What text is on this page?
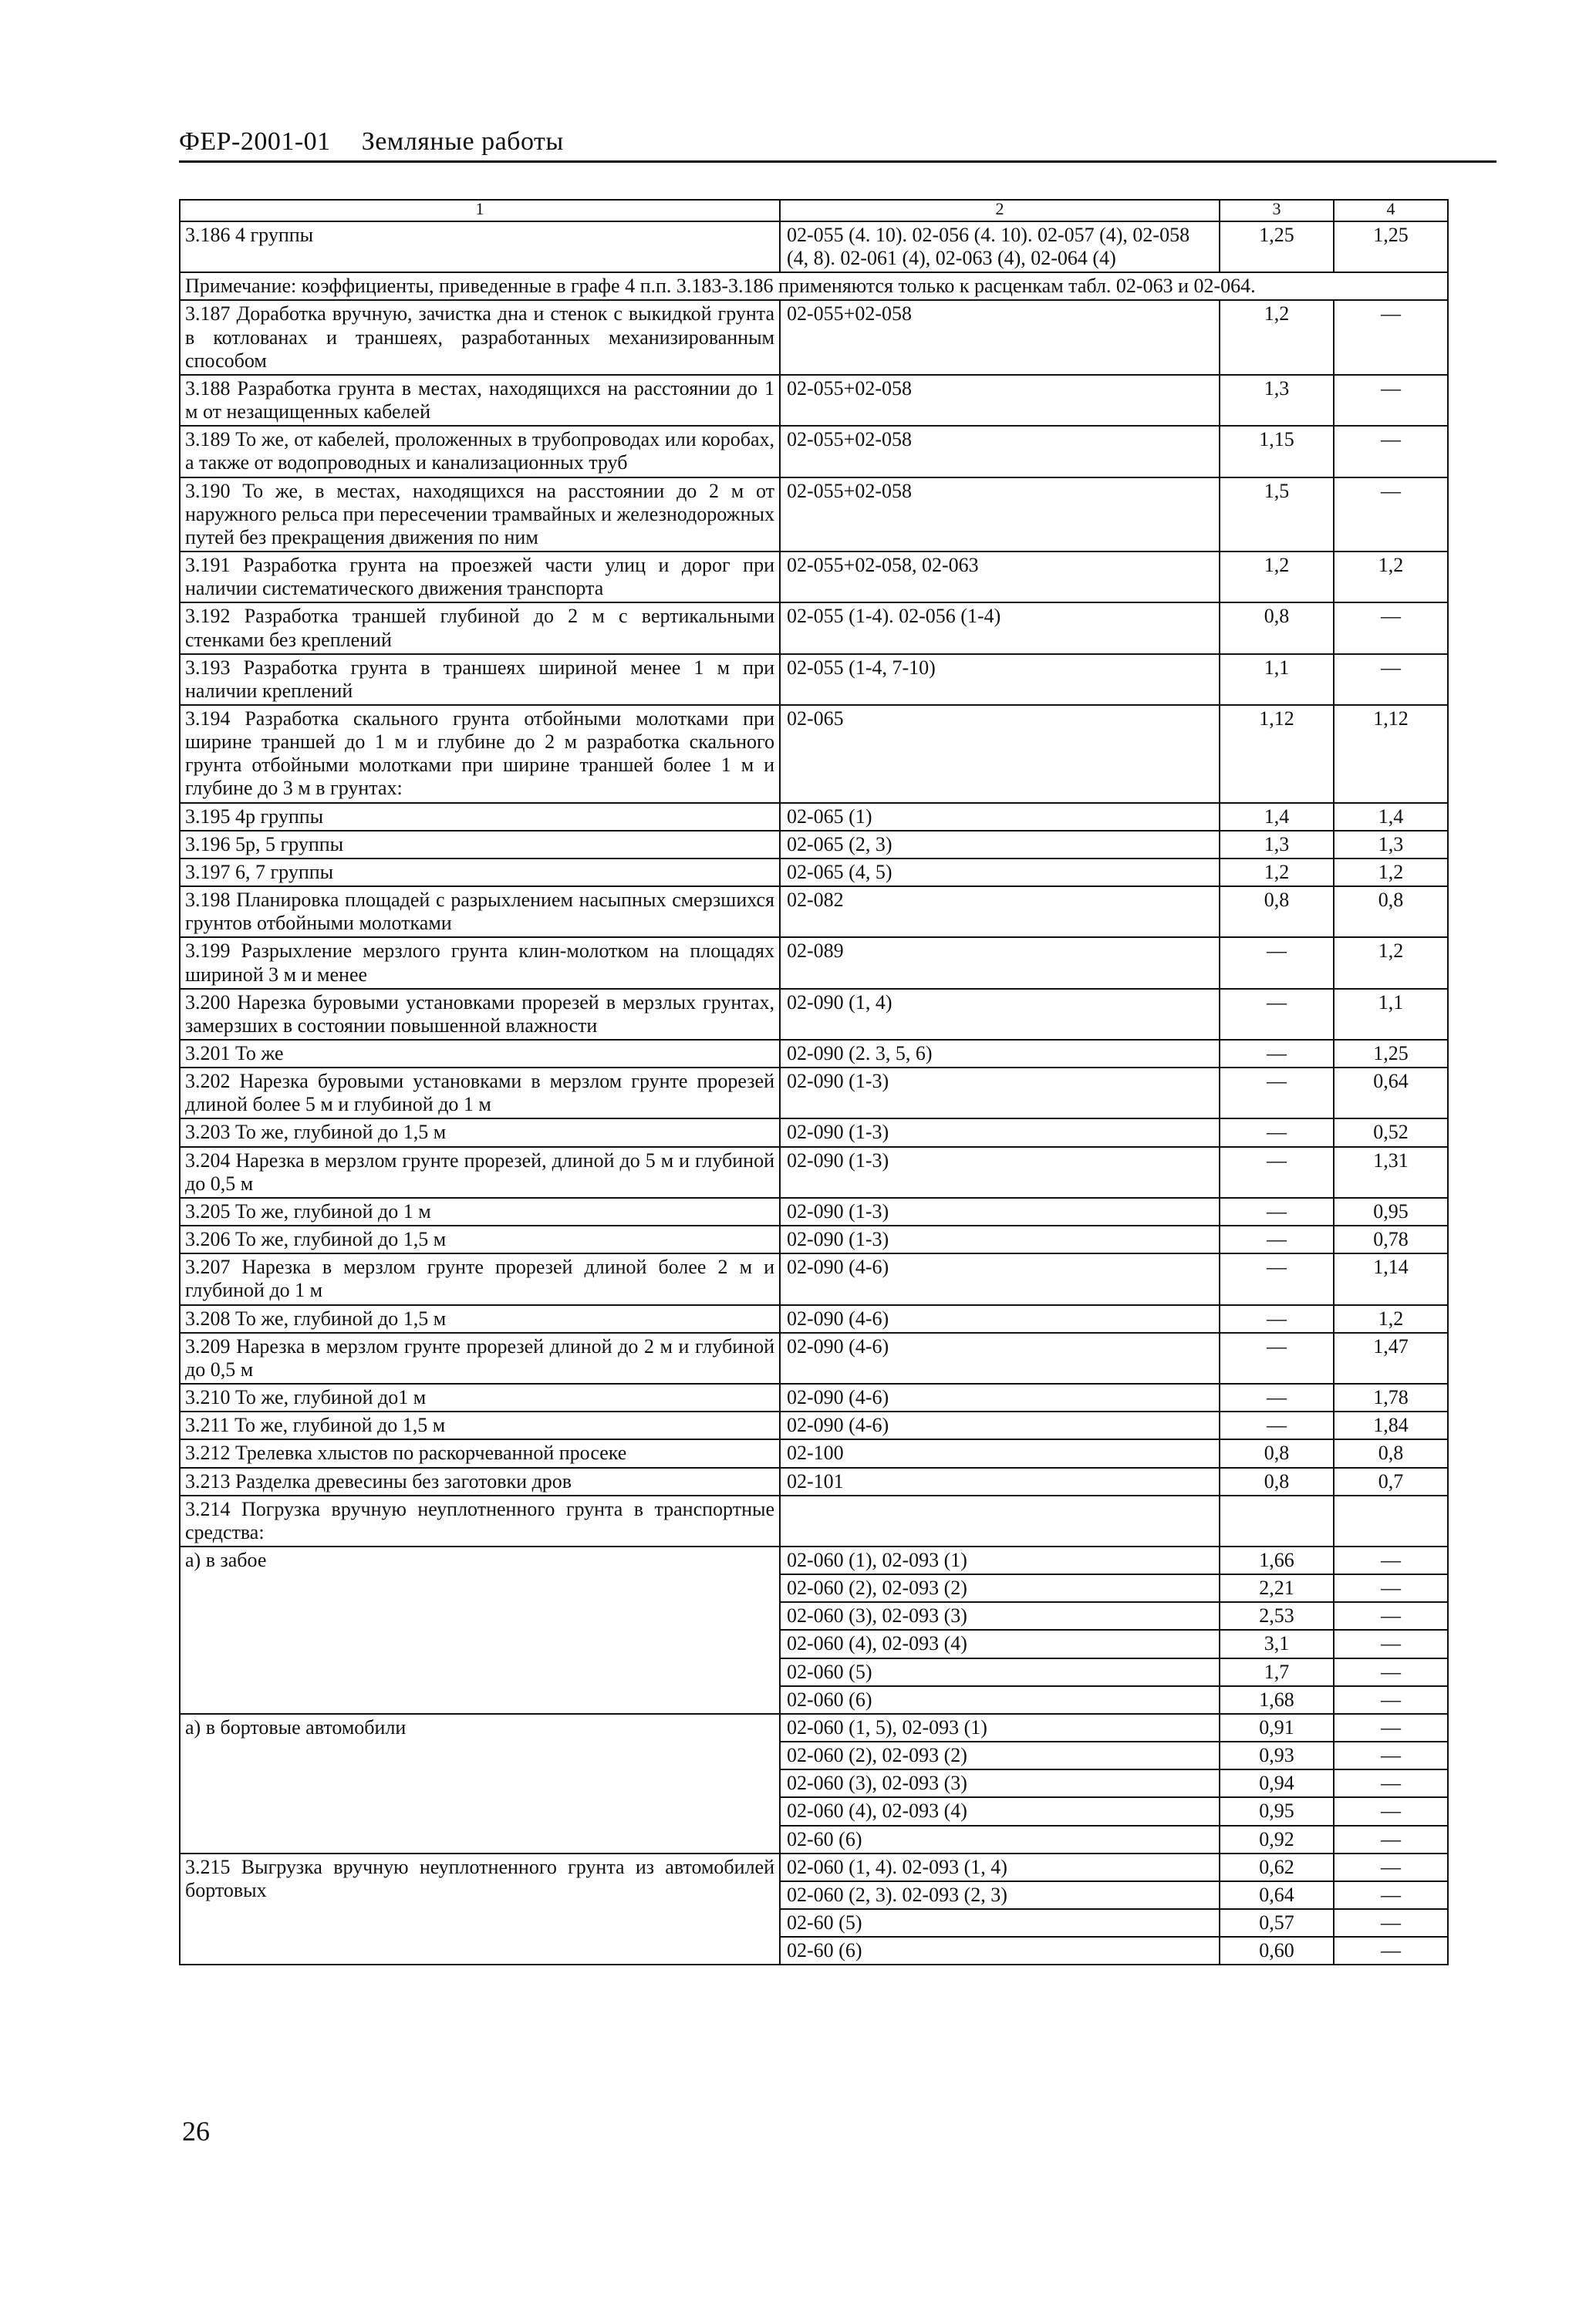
ФЕР-2001-01 Земляные работы
1	2	3	4
3.186 4 группы	02-055 (4. 10). 02-056 (4. 10). 02-057 (4), 02-058 (4, 8). 02-061 (4), 02-063 (4), 02-064 (4)	1,25	1,25
Примечание: коэффициенты, приведенные в графе 4 п.п. 3.183-3.186 применяются только к расценкам табл. 02-063 и 02-064.			
3.187 Доработка вручную, зачистка дна и стенок с выкидкой грунта в котлованах и траншеях, разработанных механизированным способом	02-055+02-058	1,2	—
3.188 Разработка грунта в местах, находящихся на расстоянии до 1 м от незащищенных кабелей	02-055+02-058	1,3	—
3.189 То же, от кабелей, проложенных в трубопроводах или коробах, а также от водопроводных и канализационных труб	02-055+02-058	1,15	—
3.190 То же, в местах, находящихся на расстоянии до 2 м от наружного рельса при пересечении трамвайных и железнодорожных путей без прекращения движения по ним	02-055+02-058	1,5	—
3.191 Разработка грунта на проезжей части улиц и дорог при наличии систематического движения транспорта	02-055+02-058, 02-063	1,2	1,2
3.192 Разработка траншей глубиной до 2 м с вертикальными стенками без креплений	02-055 (1-4). 02-056 (1-4)	0,8	—
3.193 Разработка грунта в траншеях шириной менее 1 м при наличии креплений	02-055 (1-4, 7-10)	1,1	—
3.194 Разработка скального грунта отбойными молотками при ширине траншей до 1 м и глубине до 2 м разработка скального грунта отбойными молотками при ширине траншей более 1 м и глубине до 3 м в грунтах:	02-065	1,12	1,12
3.195 4р группы	02-065 (1)	1,4	1,4
3.196 5р, 5 группы	02-065 (2, 3)	1,3	1,3
3.197 6, 7 группы	02-065 (4, 5)	1,2	1,2
3.198 Планировка площадей с разрыхлением насыпных смерзшихся грунтов отбойными молотками	02-082	0,8	0,8
3.199 Разрыхление мерзлого грунта клин-молотком на площадях шириной 3 м и менее	02-089	—	1,2
3.200 Нарезка буровыми установками прорезей в мерзлых грунтах, замерзших в состоянии повышенной влажности	02-090 (1, 4)	—	1,1
3.201 То же	02-090 (2. 3, 5, 6)	—	1,25
3.202 Нарезка буровыми установками в мерзлом грунте прорезей длиной более 5 м и глубиной до 1 м	02-090 (1-3)	—	0,64
3.203 То же, глубиной до 1,5 м	02-090 (1-3)	—	0,52
3.204 Нарезка в мерзлом грунте прорезей, длиной до 5 м и глубиной до 0,5 м	02-090 (1-3)	—	1,31
3.205 То же, глубиной до 1 м	02-090 (1-3)	—	0,95
3.206 То же, глубиной до 1,5 м	02-090 (1-3)	—	0,78
3.207 Нарезка в мерзлом грунте прорезей длиной более 2 м и глубиной до 1 м	02-090 (4-6)	—	1,14
3.208 То же, глубиной до 1,5 м	02-090 (4-6)	—	1,2
3.209 Нарезка в мерзлом грунте прорезей длиной до 2 м и глубиной до 0,5 м	02-090 (4-6)	—	1,47
3.210 То же, глубиной до1 м	02-090 (4-6)	—	1,78
3.211 То же, глубиной до 1,5 м	02-090 (4-6)	—	1,84
3.212 Трелевка хлыстов по раскорчеванной просеке	02-100	0,8	0,8
3.213 Разделка древесины без заготовки дров	02-101	0,8	0,7
3.214 Погрузка вручную неуплотненного грунта в транспортные средства:			
а) в забое	02-060 (1), 02-093 (1)	1,66	—
	02-060 (2), 02-093 (2)	2,21	—
	02-060 (3), 02-093 (3)	2,53	—
	02-060 (4), 02-093 (4)	3,1	—
	02-060 (5)	1,7	—
	02-060 (6)	1,68	—
а) в бортовые автомобили	02-060 (1, 5), 02-093 (1)	0,91	—
	02-060 (2), 02-093 (2)	0,93	—
	02-060 (3), 02-093 (3)	0,94	—
	02-060 (4), 02-093 (4)	0,95	—
	02-60 (6)	0,92	—
3.215 Выгрузка вручную неуплотненного грунта из автомобилей бортовых	02-060 (1, 4). 02-093 (1, 4)	0,62	—
	02-060 (2, 3). 02-093 (2, 3)	0,64	—
	02-60 (5)	0,57	—
	02-60 (6)	0,60	—
26
